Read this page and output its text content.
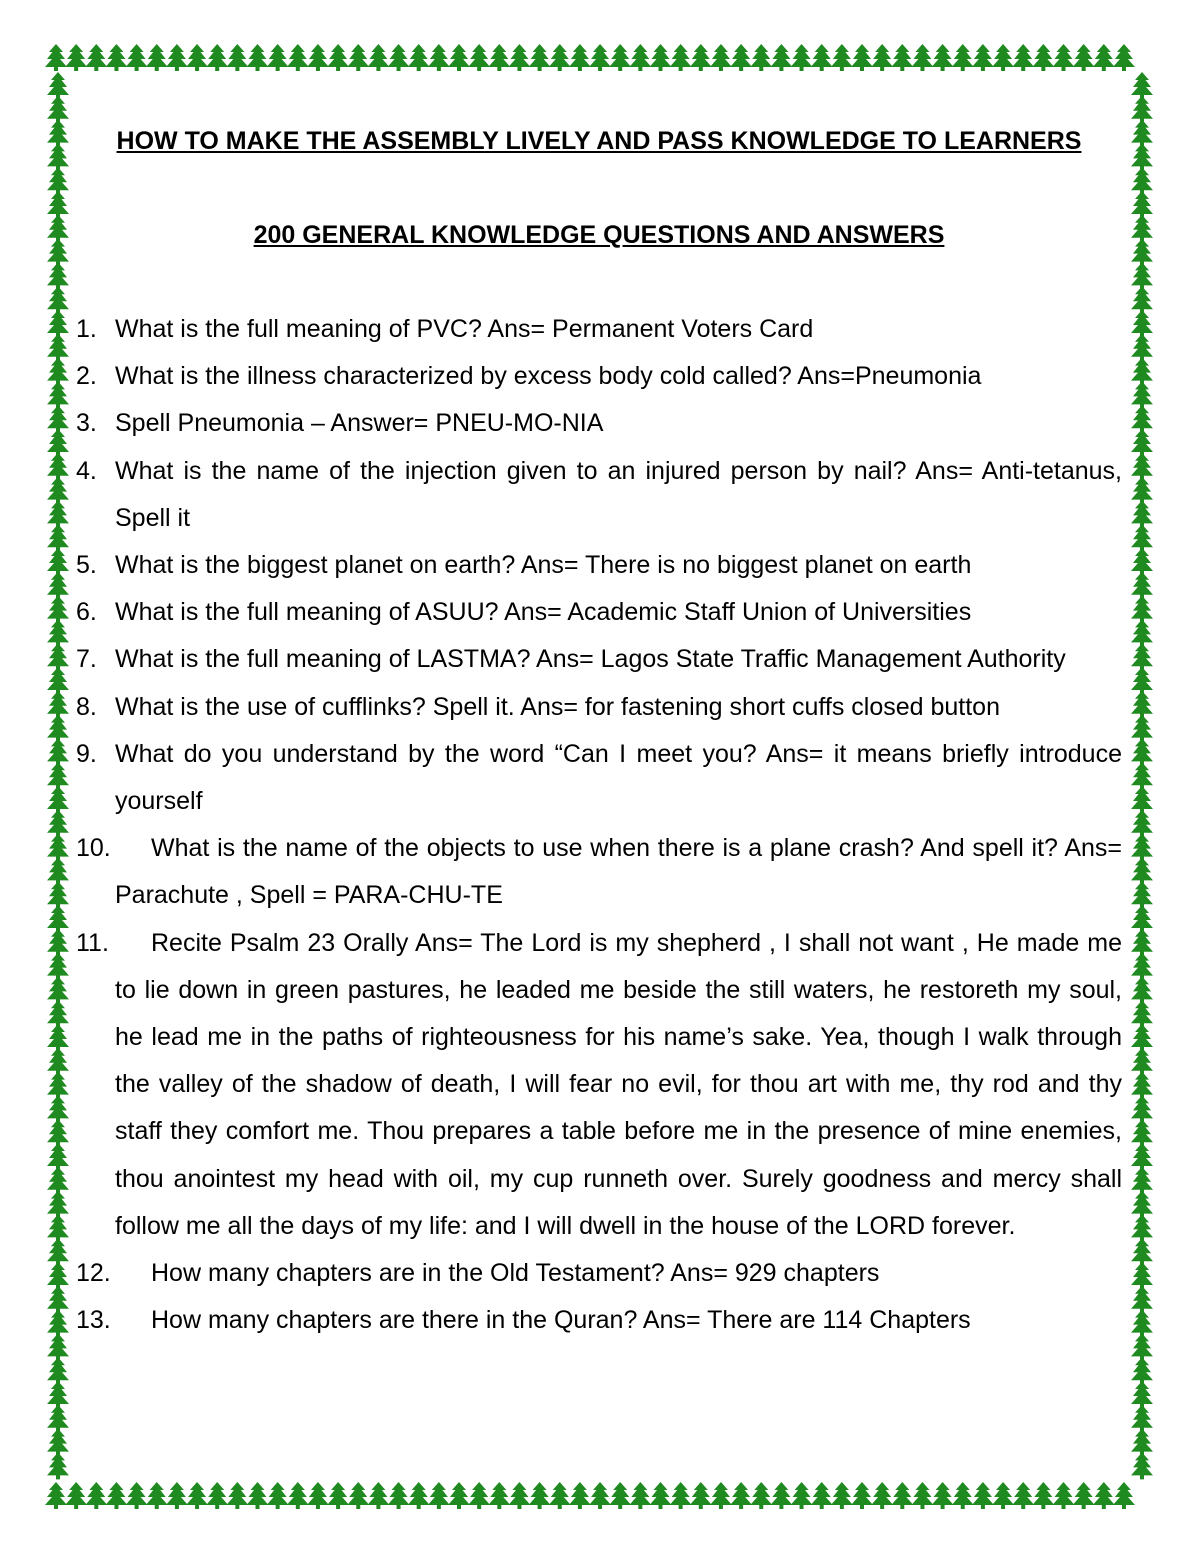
HOW TO MAKE THE ASSEMBLY LIVELY AND PASS KNOWLEDGE TO LEARNERS
200 GENERAL KNOWLEDGE QUESTIONS AND ANSWERS
1. What is the full meaning of PVC? Ans= Permanent Voters Card
2. What is the illness characterized by excess body cold called? Ans=Pneumonia
3. Spell Pneumonia – Answer= PNEU-MO-NIA
4. What is the name of the injection given to an injured person by nail? Ans= Anti-tetanus, Spell it
5. What is the biggest planet on earth? Ans= There is no biggest planet on earth
6. What is the full meaning of ASUU? Ans= Academic Staff Union of Universities
7. What is the full meaning of LASTMA? Ans= Lagos State Traffic Management Authority
8. What is the use of cufflinks? Spell it. Ans= for fastening short cuffs closed button
9. What do you understand by the word “Can I meet you? Ans= it means briefly introduce yourself
10.	What is the name of the objects to use when there is a plane crash? And spell it? Ans= Parachute , Spell = PARA-CHU-TE
11.	Recite Psalm 23 Orally Ans= The Lord is my shepherd , I shall not want , He made me to lie down in green pastures, he leaded me beside the still waters, he restoreth my soul, he lead me in the paths of righteousness for his name’s sake. Yea, though I walk through the valley of the shadow of death, I will fear no evil, for thou art with me, thy rod and thy staff they comfort me. Thou prepares a table before me in the presence of mine enemies, thou anointest my head with oil, my cup runneth over. Surely goodness and mercy shall follow me all the days of my life: and I will dwell in the house of the LORD forever.
12.	How many chapters are in the Old Testament? Ans= 929 chapters
13.	How many chapters are there in the Quran? Ans= There are 114 Chapters
